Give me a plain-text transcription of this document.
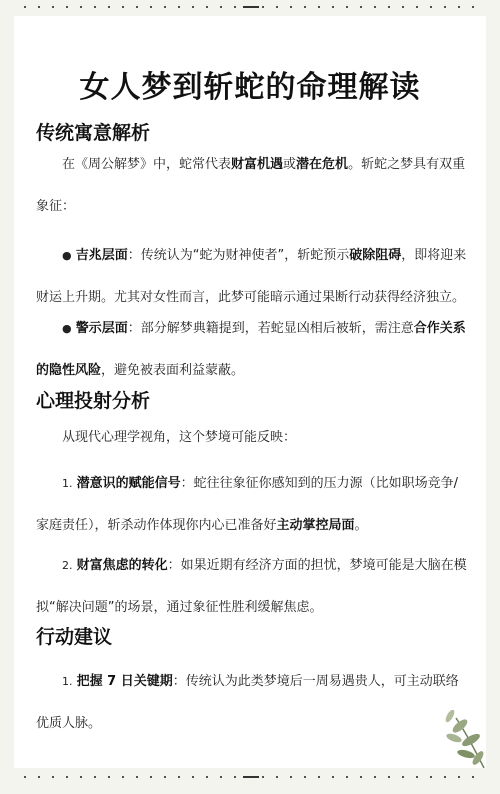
女人梦到斩蛇的命理解读
传统寓意解析

在《周公解梦》中，蛇常代表财富机遇或潜在危机。斩蛇之梦具有双重象征：

● 吉兆层面：传统认为“蛇为财神使者”，斩蛇预示破除阻碍，即将迎来财运上升期。尤其对女性而言，此梦可能暗示通过果断行动获得经济独立。

● 警示层面：部分解梦典籍提到，若蛇显凶相后被斩，需注意合作关系的隐性风险，避免被表面利益蒙蔽。

心理投射分析

从现代心理学视角，这个梦境可能反映：

1. 潜意识的赋能信号：蛇往往象征你感知到的压力源（比如职场竞争/家庭责任），斩杀动作体现你内心已准备好主动掌控局面。

2. 财富焦虑的转化：如果近期有经济方面的担忧，梦境可能是大脑在模拟“解决问题”的场景，通过象征性胜利缓解焦虑。

行动建议

1. 把握 7 日关键期：传统认为此类梦境后一周易遇贵人，可主动联络优质人脉。
